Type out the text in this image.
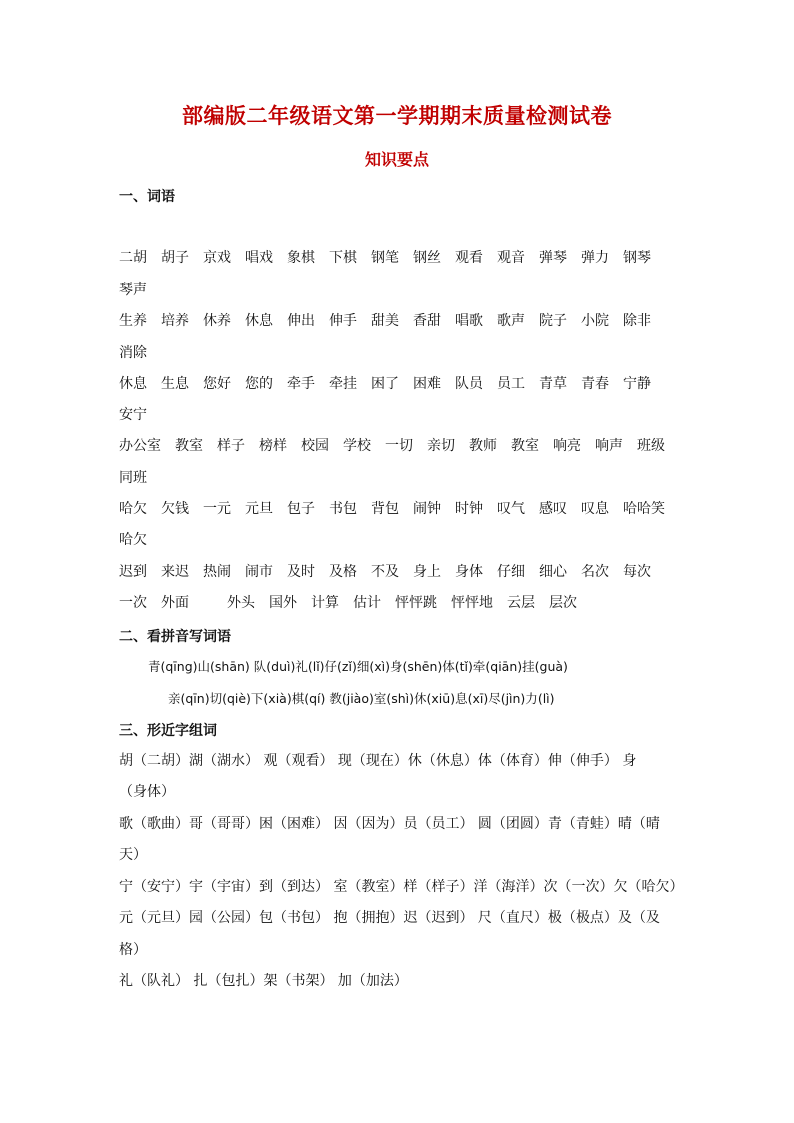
部编版二年级语文第一学期期末质量检测试卷
知识要点
一、词语
二胡 胡子 京戏 唱戏 象棋 下棋 钢笔 钢丝 观看 观音 弹琴 弹力 钢琴
琴声
生养 培养 休养 休息 伸出 伸手 甜美 香甜 唱歌 歌声 院子 小院 除非
消除
休息 生息 您好 您的 牵手 牵挂 困了 困难 队员 员工 青草 青春 宁静
安宁
办公室 教室 样子 榜样 校园 学校 一切 亲切 教师 教室 响亮 响声 班级
同班
哈欠 欠钱 一元 元旦 包子 书包 背包 闹钟 时钟 叹气 感叹 叹息 哈哈笑
哈欠
迟到 来迟 热闹 闹市 及时 及格 不及 身上 身体 仔细 细心 名次 每次
一次 外面	外头 国外 计算 估计 怦怦跳 怦怦地 云层 层次
二、看拼音写词语
青(qīng)山(shān) 队(duì)礼(lǐ)仔(zǐ)细(xì)身(shēn)体(tǐ)牵(qiān)挂(guà)
亲(qīn)切(qiè)下(xià)棋(qí) 教(jiào)室(shì)休(xiū)息(xī)尽(jìn)力(lì)
三、形近字组词
胡（二胡）湖（湖水） 观（观看） 现（现在）休（休息）体（体育）伸（伸手） 身
（身体）
歌（歌曲）哥（哥哥）困（困难） 因（因为）员（员工） 圆（团圆）青（青蛙）晴（晴
天）
宁（安宁）宇（宇宙）到（到达） 室（教室）样（样子）洋（海洋）次（一次）欠（哈欠）
元（元旦）园（公园）包（书包） 抱（拥抱）迟（迟到） 尺（直尺）极（极点）及（及
格）
礼（队礼） 扎（包扎）架（书架） 加（加法）
